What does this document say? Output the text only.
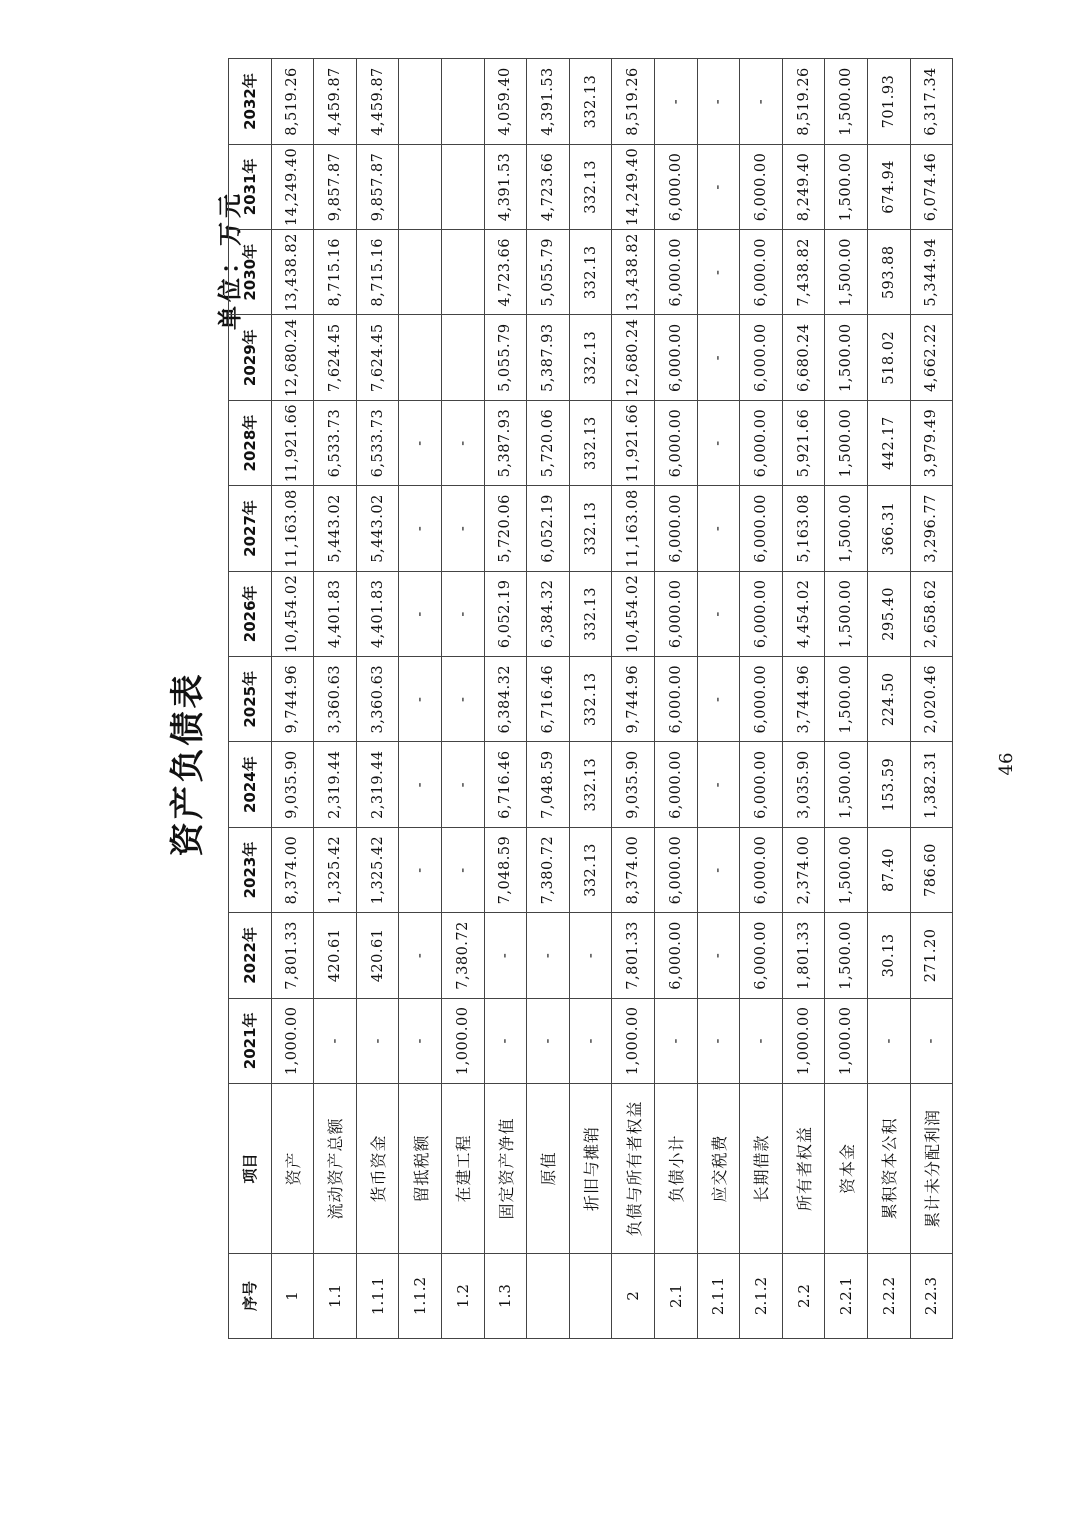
资产负债表
单位：万元
序号	项目	2021年	2022年	2023年	2024年	2025年	2026年	2027年	2028年	2029年	2030年	2031年	2032年
1	资产	1,000.00	7,801.33	8,374.00	9,035.90	9,744.96	10,454.02	11,163.08	11,921.66	12,680.24	13,438.82	14,249.40	8,519.26
1.1	流动资产总额	-	420.61	1,325.42	2,319.44	3,360.63	4,401.83	5,443.02	6,533.73	7,624.45	8,715.16	9,857.87	4,459.87
1.1.1	货币资金	-	420.61	1,325.42	2,319.44	3,360.63	4,401.83	5,443.02	6,533.73	7,624.45	8,715.16	9,857.87	4,459.87
1.1.2	留抵税额	-	-	-	-	-	-	-	-				
1.2	在建工程	1,000.00	7,380.72	-	-	-	-	-	-				
1.3	固定资产净值	-	-	7,048.59	6,716.46	6,384.32	6,052.19	5,720.06	5,387.93	5,055.79	4,723.66	4,391.53	4,059.40
	原值	-	-	7,380.72	7,048.59	6,716.46	6,384.32	6,052.19	5,720.06	5,387.93	5,055.79	4,723.66	4,391.53
	折旧与摊销	-	-	332.13	332.13	332.13	332.13	332.13	332.13	332.13	332.13	332.13	332.13
2	负债与所有者权益	1,000.00	7,801.33	8,374.00	9,035.90	9,744.96	10,454.02	11,163.08	11,921.66	12,680.24	13,438.82	14,249.40	8,519.26
2.1	负债小计	-	6,000.00	6,000.00	6,000.00	6,000.00	6,000.00	6,000.00	6,000.00	6,000.00	6,000.00	6,000.00	-
2.1.1	应交税费	-	-	-	-	-	-	-	-	-	-	-	-
2.1.2	长期借款	-	6,000.00	6,000.00	6,000.00	6,000.00	6,000.00	6,000.00	6,000.00	6,000.00	6,000.00	6,000.00	-
2.2	所有者权益	1,000.00	1,801.33	2,374.00	3,035.90	3,744.96	4,454.02	5,163.08	5,921.66	6,680.24	7,438.82	8,249.40	8,519.26
2.2.1	资本金	1,000.00	1,500.00	1,500.00	1,500.00	1,500.00	1,500.00	1,500.00	1,500.00	1,500.00	1,500.00	1,500.00	1,500.00
2.2.2	累积资本公积	-	30.13	87.40	153.59	224.50	295.40	366.31	442.17	518.02	593.88	674.94	701.93
2.2.3	累计未分配利润	-	271.20	786.60	1,382.31	2,020.46	2,658.62	3,296.77	3,979.49	4,662.22	5,344.94	6,074.46	6,317.34
46
